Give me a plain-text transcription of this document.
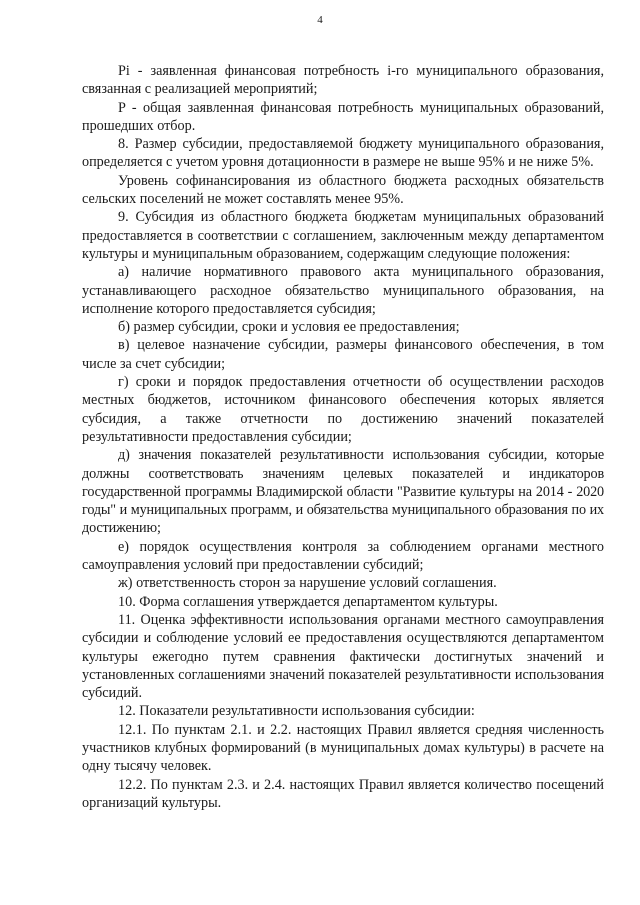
4

Pi - заявленная финансовая потребность i-го муниципального образования, связанная с реализацией мероприятий;

P - общая заявленная финансовая потребность муниципальных образований, прошедших отбор.

8. Размер субсидии, предоставляемой бюджету муниципального образования, определяется с учетом уровня дотационности в размере не выше 95% и не ниже 5%.

Уровень софинансирования из областного бюджета расходных обязательств сельских поселений не может составлять менее 95%.

9. Субсидия из областного бюджета бюджетам муниципальных образований предоставляется в соответствии с соглашением, заключенным между департаментом культуры и муниципальным образованием, содержащим следующие положения:

а) наличие нормативного правового акта муниципального образования, устанавливающего расходное обязательство муниципального образования, на исполнение которого предоставляется субсидия;

б) размер субсидии, сроки и условия ее предоставления;

в) целевое назначение субсидии, размеры финансового обеспечения, в том числе за счет субсидии;

г) сроки и порядок предоставления отчетности об осуществлении расходов местных бюджетов, источником финансового обеспечения которых является субсидия, а также отчетности по достижению значений показателей результативности предоставления субсидии;

д) значения показателей результативности использования субсидии, которые должны соответствовать значениям целевых показателей и индикаторов государственной программы Владимирской области "Развитие культуры на 2014 - 2020 годы" и муниципальных программ, и обязательства муниципального образования по их достижению;

е) порядок осуществления контроля за соблюдением органами местного самоуправления условий при предоставлении субсидий;

ж) ответственность сторон за нарушение условий соглашения.

10. Форма соглашения утверждается департаментом культуры.

11. Оценка эффективности использования органами местного самоуправления субсидии и соблюдение условий ее предоставления осуществляются департаментом культуры ежегодно путем сравнения фактически достигнутых значений и установленных соглашениями значений показателей результативности использования субсидий.

12. Показатели результативности использования субсидии:

12.1. По пунктам 2.1. и 2.2. настоящих Правил является средняя численность участников клубных формирований (в муниципальных домах культуры) в расчете на одну тысячу человек.

12.2. По пунктам 2.3. и 2.4. настоящих Правил является количество посещений организаций культуры.
